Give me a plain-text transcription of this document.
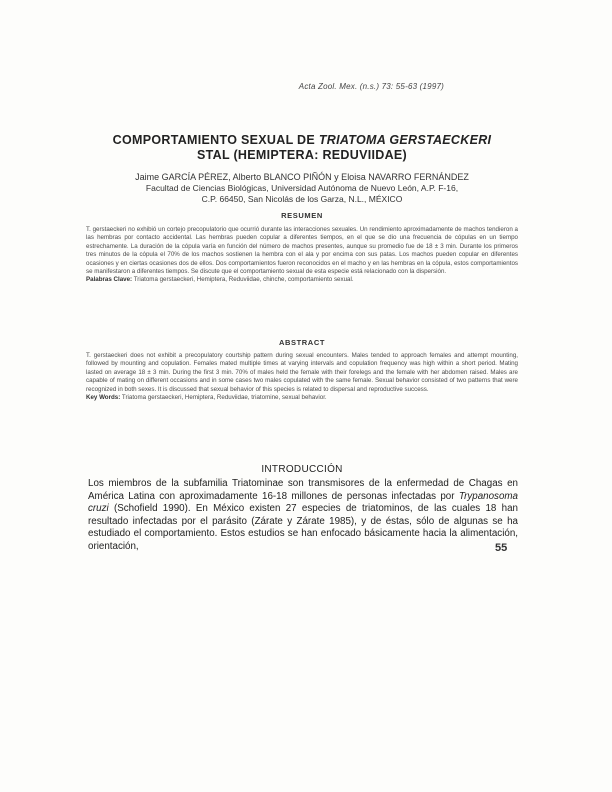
Acta Zool. Mex. (n.s.) 73: 55-63 (1997)
COMPORTAMIENTO SEXUAL DE TRIATOMA GERSTAECKERI
STAL (HEMIPTERA: REDUVIIDAE)
Jaime GARCÍA PÉREZ, Alberto BLANCO PIÑÓN y Eloisa NAVARRO FERNÁNDEZ
Facultad de Ciencias Biológicas, Universidad Autónoma de Nuevo León, A.P. F-16,
C.P. 66450, San Nicolás de los Garza, N.L., MÉXICO
RESUMEN
T. gerstaeckeri no exhibió un cortejo precopulatorio que ocurrió durante las interacciones sexuales. Un rendimiento aproximadamente de machos tendieron a las hembras por contacto accidental. Las hembras pueden copular a diferentes tiempos, en el que se dio una frecuencia de cópulas en un tiempo estrechamente. La duración de la cópula varía en función del número de machos presentes, aunque su promedio fue de 18 ± 3 min. Durante los primeros tres minutos de la cópula el 70% de los machos sostienen la hembra con el ala y por encima con sus patas. Los machos pueden copular en diferentes ocasiones y en ciertas ocasiones dos de ellos. Dos comportamientos fueron reconocidos en el macho y en las hembras en la cópula, estos comportamientos se manifestaron a diferentes tiempos. Se discute que el comportamiento sexual de esta especie está relacionado con la dispersión.
Palabras Clave: Triatoma gerstaeckeri, Hemiptera, Reduviidae, chinche, comportamiento sexual.
ABSTRACT
T. gerstaeckeri does not exhibit a precopulatory courtship pattern during sexual encounters. Males tended to approach females and attempt mounting, followed by mounting and copulation. Females mated multiple times at varying intervals and copulation frequency was high within a short period. Mating lasted on average 18 ± 3 min. During the first 3 min. 70% of males held the female with their forelegs and the female with her abdomen raised. Males are capable of mating on different occasions and in some cases two males copulated with the same female. Sexual behavior consisted of two patterns that were recognized in both sexes. It is discussed that sexual behavior of this species is related to dispersal and reproductive success.
Key Words: Triatoma gerstaeckeri, Hemiptera, Reduviidae, triatomine, sexual behavior.
INTRODUCCIÓN
Los miembros de la subfamilia Triatominae son transmisores de la enfermedad de Chagas en América Latina con aproximadamente 16-18 millones de personas infectadas por Trypanosoma cruzi (Schofield 1990). En México existen 27 especies de triatominos, de las cuales 18 han resultado infectadas por el parásito (Zárate y Zárate 1985), y de éstas, sólo de algunas se ha estudiado el comportamiento. Estos estudios se han enfocado básicamente hacia la alimentación, orientación,	55
